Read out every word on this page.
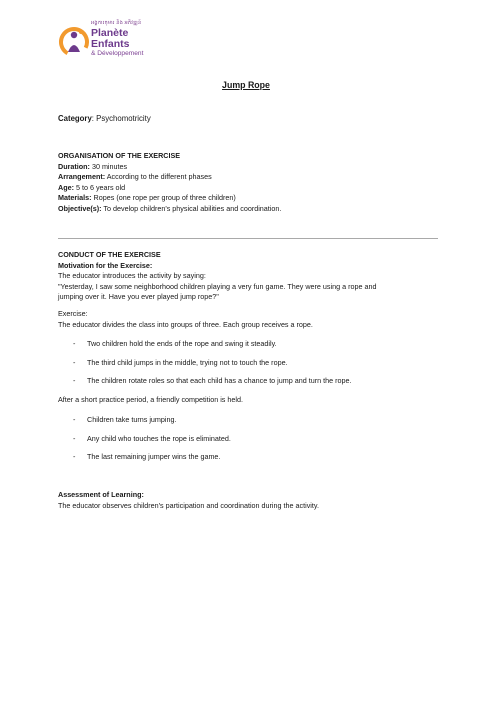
អង្គការកុមារ និង អភិវឌ្ឍន៍
Planète
Enfants
& Développement
Jump Rope
Category: Psychomotricity
ORGANISATION OF THE EXERCISE
Duration: 30 minutes
Arrangement: According to the different phases
Age: 5 to 6 years old
Materials: Ropes (one rope per group of three children)
Objective(s): To develop children's physical abilities and coordination.
CONDUCT OF THE EXERCISE
Motivation for the Exercise:
The educator introduces the activity by saying:
"Yesterday, I saw some neighborhood children playing a very fun game. They were using a rope and
jumping over it. Have you ever played jump rope?"
Exercise:
The educator divides the class into groups of three. Each group receives a rope.
- Two children hold the ends of the rope and swing it steadily.
- The third child jumps in the middle, trying not to touch the rope.
- The children rotate roles so that each child has a chance to jump and turn the rope.
After a short practice period, a friendly competition is held.
- Children take turns jumping.
- Any child who touches the rope is eliminated.
- The last remaining jumper wins the game.
Assessment of Learning:
The educator observes children's participation and coordination during the activity.
